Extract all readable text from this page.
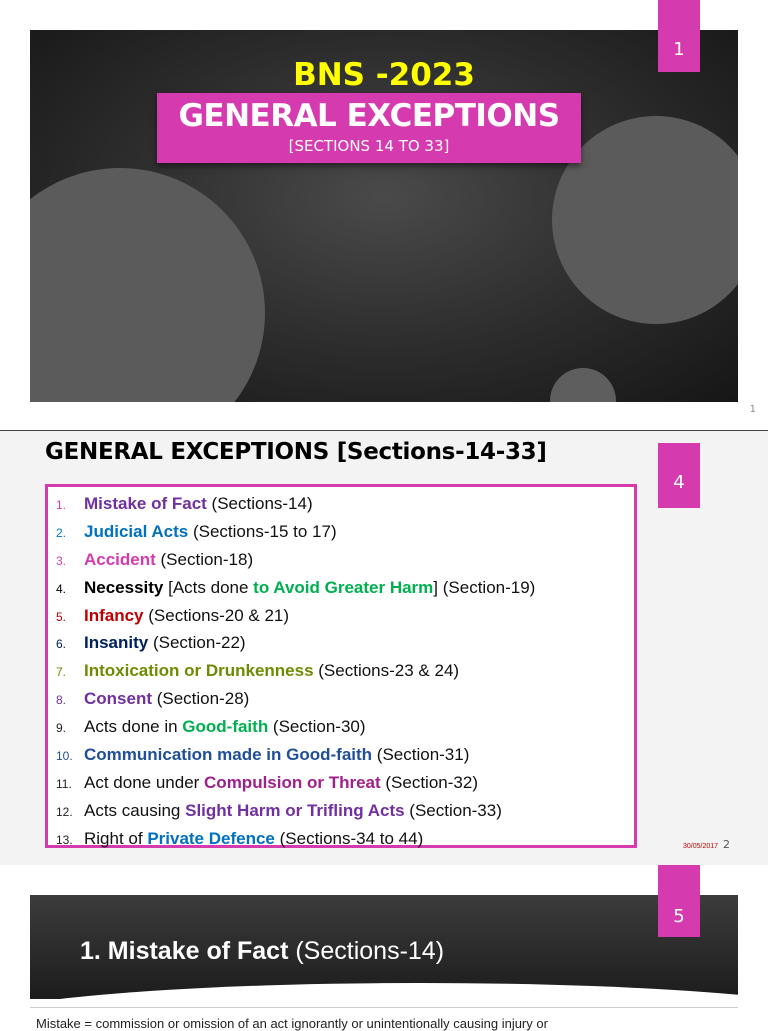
1
BNS -2023
GENERAL EXCEPTIONS
[SECTIONS 14 TO 33]
1
GENERAL EXCEPTIONS [Sections-14-33]
4
1. Mistake of Fact (Sections-14)
2. Judicial Acts (Sections-15 to 17)
3. Accident (Section-18)
4. Necessity [Acts done to Avoid Greater Harm] (Section-19)
5. Infancy (Sections-20 & 21)
6. Insanity (Section-22)
7. Intoxication or Drunkenness (Sections-23 & 24)
8. Consent (Section-28)
9. Acts done in Good-faith (Section-30)
10. Communication made in Good-faith (Section-31)
11. Act done under Compulsion or Threat (Section-32)
12. Acts causing Slight Harm or Trifling Acts (Section-33)
13. Right of Private Defence (Sections-34 to 44)	30/05/2017 2
5
1. Mistake of Fact (Sections-14)
Mistake = commission or omission of an act ignorantly or unintentionally causing injury or
